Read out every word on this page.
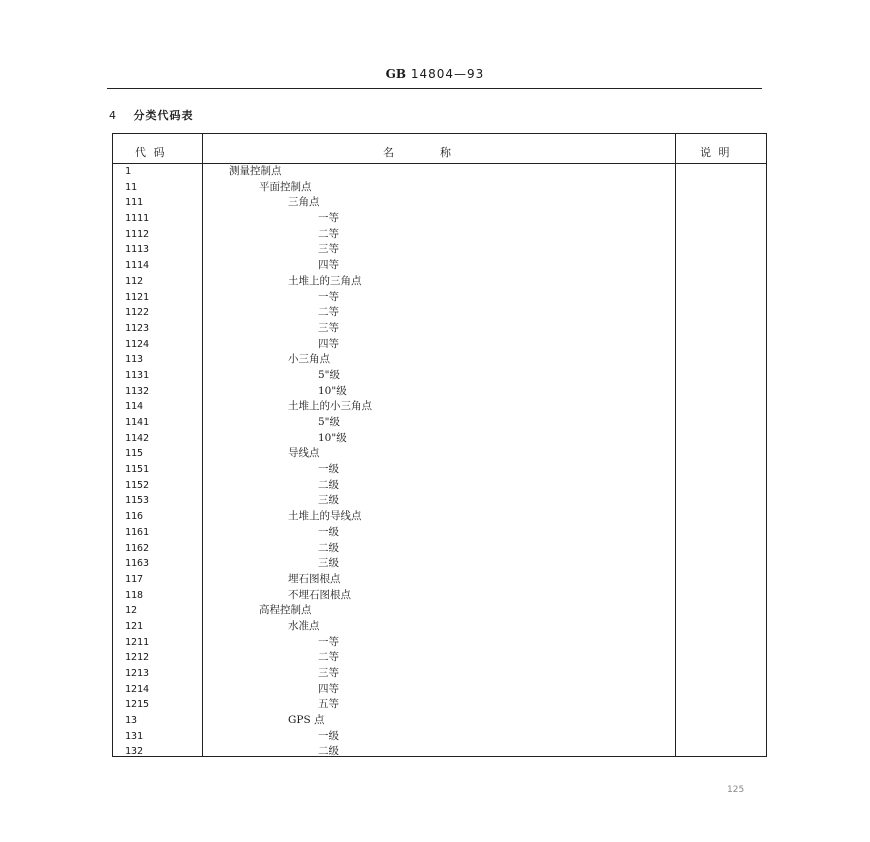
GB 14804—93
4 分类代码表
代 码	名        称	说 明
1	测量控制点
11	平面控制点
111	三角点
1111	一等
1112	二等
1113	三等
1114	四等
112	土堆上的三角点
1121	一等
1122	二等
1123	三等
1124	四等
113	小三角点
1131	5"级
1132	10"级
114	土堆上的小三角点
1141	5"级
1142	10"级
115	导线点
1151	一级
1152	二级
1153	三级
116	土堆上的导线点
1161	一级
1162	二级
1163	三级
117	埋石图根点
118	不埋石图根点
12	高程控制点
121	水准点
1211	一等
1212	二等
1213	三等
1214	四等
1215	五等
13	GPS 点
131	一级
132	二级
125
